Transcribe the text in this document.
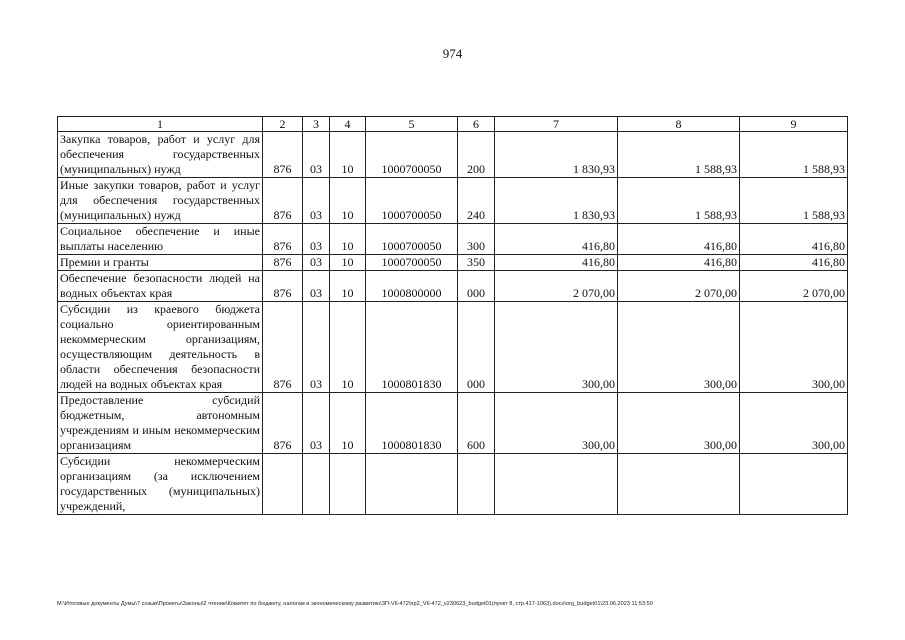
974
1	2	3	4	5	6	7	8	9
Закупка товаров, работ и услуг для обеспечения государственных (муниципальных) нужд	876	03	10	1000700050	200	1 830,93	1 588,93	1 588,93
Иные закупки товаров, работ и услуг для обеспечения государственных (муниципальных) нужд	876	03	10	1000700050	240	1 830,93	1 588,93	1 588,93
Социальное обеспечение и иные выплаты населению	876	03	10	1000700050	300	416,80	416,80	416,80
Премии и гранты	876	03	10	1000700050	350	416,80	416,80	416,80
Обеспечение безопасности людей на водных объектах края	876	03	10	1000800000	000	2 070,00	2 070,00	2 070,00
Субсидии из краевого бюджета социально ориентированным некоммерческим организациям, осуществляющим деятельность в области обеспечения безопасности людей на водных объектах края	876	03	10	1000801830	000	300,00	300,00	300,00
Предоставление субсидий бюджетным, автономным учреждениям и иным некоммерческим организациям	876	03	10	1000801830	600	300,00	300,00	300,00
Субсидии некоммерческим организациям (за исключением государственных (муниципальных) учреждений,								
M:\Итоговые документы Думы\7 созыв\Проекты\Законы\2 чтение\Комитет по бюджету, налогам и экономическому развитию\ЗП-VII-472\пр2_VII-472_v230623_budget01(пункт 8, стр.417-1063).docx\org_budget01\23.06.2023 11:53:50
